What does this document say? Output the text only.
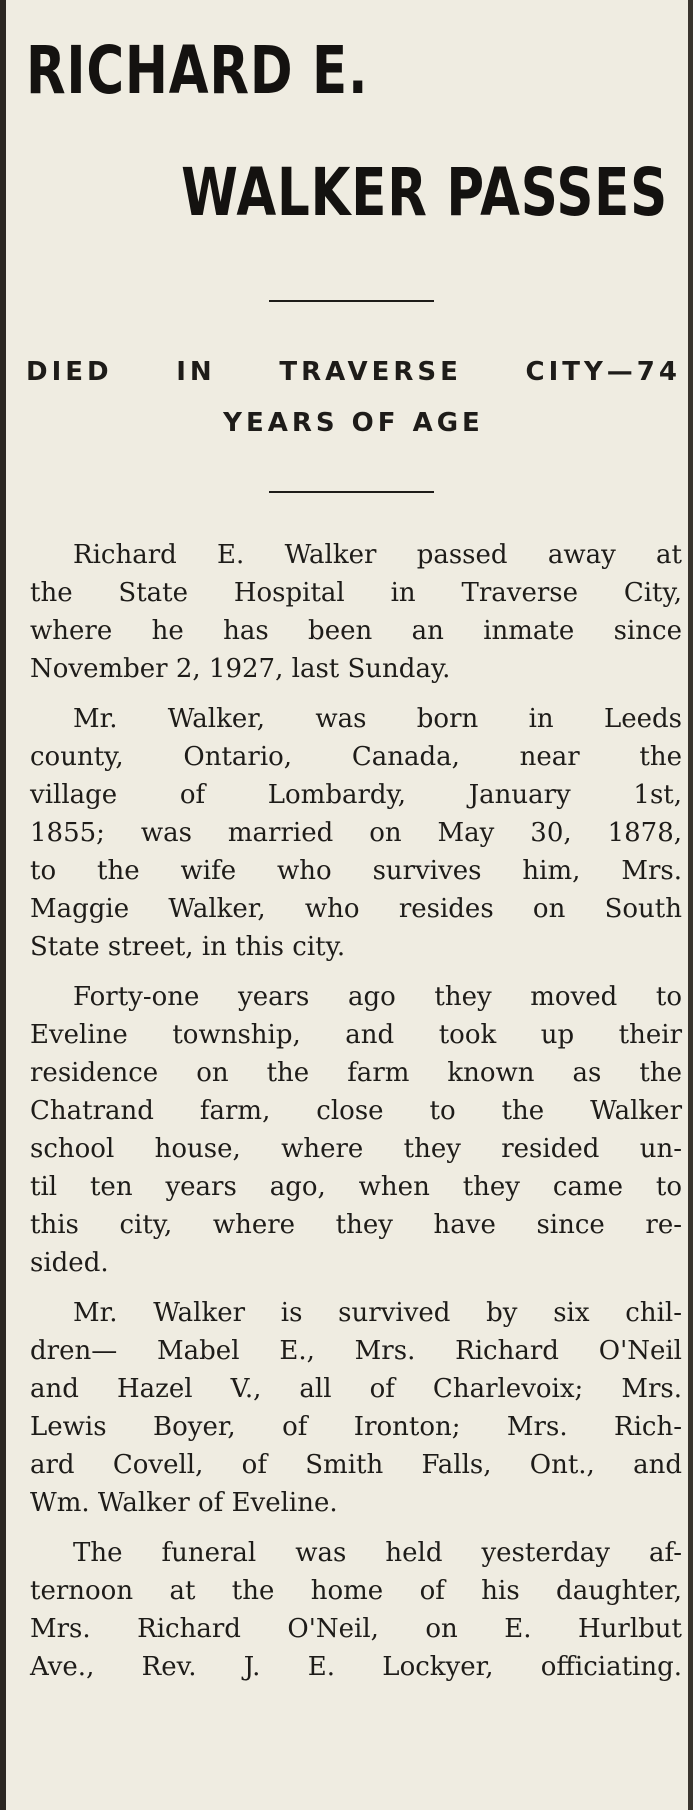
RICHARD E.
WALKER PASSES
DIED IN TRAVERSE CITY—74
YEARS OF AGE
Richard E. Walker passed away at
the State Hospital in Traverse City,
where he has been an inmate since
November 2, 1927, last Sunday.
Mr. Walker, was born in Leeds
county, Ontario, Canada, near the
village of Lombardy, January 1st,
1855; was married on May 30, 1878,
to the wife who survives him, Mrs.
Maggie Walker, who resides on South
State street, in this city.
Forty-one years ago they moved to
Eveline township, and took up their
residence on the farm known as the
Chatrand farm, close to the Walker
school house, where they resided un-
til ten years ago, when they came to
this city, where they have since re-
sided.
Mr. Walker is survived by six chil-
dren— Mabel E., Mrs. Richard O'Neil
and Hazel V., all of Charlevoix; Mrs.
Lewis Boyer, of Ironton; Mrs. Rich-
ard Covell, of Smith Falls, Ont., and
Wm. Walker of Eveline.
The funeral was held yesterday af-
ternoon at the home of his daughter,
Mrs. Richard O'Neil, on E. Hurlbut
Ave., Rev. J. E. Lockyer, officiating.
